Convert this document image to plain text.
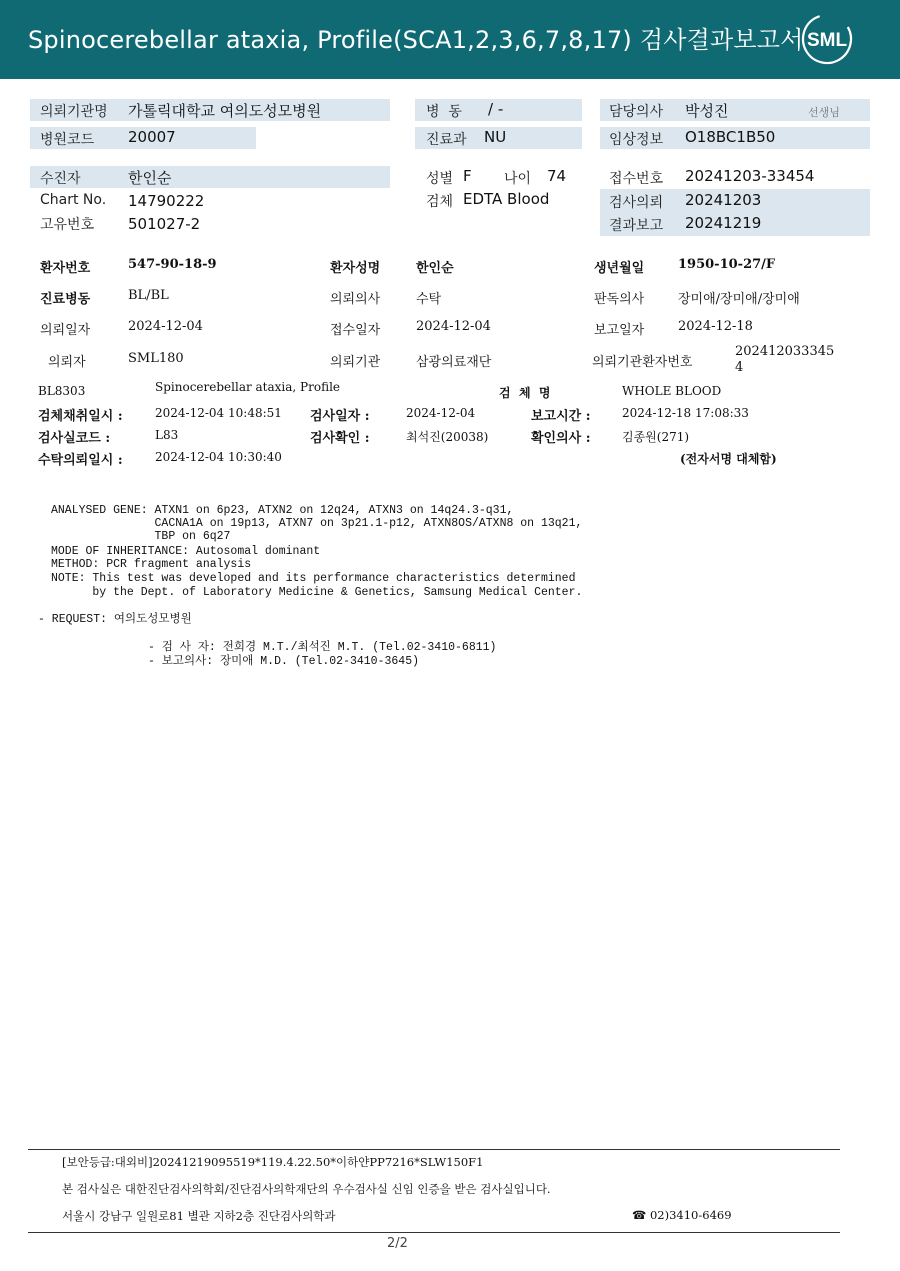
Spinocerebellar ataxia, Profile(SCA1,2,3,6,7,8,17) 검사결과보고서 SML
의뢰기관명 가톨릭대학교 여의도성모병원
병원코드 20007
병  동 / -
진료과 NU
담당의사 박성진	선생님
임상정보 O18BC1B50
수진자	한인순
Chart No. 14790222
고유번호 501027-2
성별 F 나이 74
검체 EDTA Blood
접수번호 20241203-33454
검사의뢰 20241203
결과보고 20241219
환자번호	547-90-18-9	환자성명	한인순	생년월일	1950-10-27/F
진료병동	BL/BL	의뢰의사	수탁	판독의사	장미애/장미애/장미애
의뢰일자	2024-12-04	접수일자	2024-12-04	보고일자	2024-12-18
의뢰자	SML180	의뢰기관	삼광의료재단	의뢰기관환자번호
202412033345
4
BL8303	Spinocerebellar ataxia, Profile	검  체  명	WHOLE BLOOD
검체채취일시 :	2024-12-04 10:48:51 검사일자 :	2024-12-04	보고시간 :	2024-12-18 17:08:33
검사실코드 :	L83	검사확인 :	최석진(20038)	확인의사 :	김종원(271)
수탁의뢰일시 :	2024-12-04 10:30:40	(전자서명 대체함)
ANALYSED GENE: ATXN1 on 6p23, ATXN2 on 12q24, ATXN3 on 14q24.3-q31,
CACNA1A on 19p13, ATXN7 on 3p21.1-p12, ATXN8OS/ATXN8 on 13q21,
TBP on 6q27
MODE OF INHERITANCE: Autosomal dominant
METHOD: PCR fragment analysis
NOTE: This test was developed and its performance characteristics determined
by the Dept. of Laboratory Medicine & Genetics, Samsung Medical Center.
- REQUEST: 여의도성모병원
- 검 사 자: 전희경 M.T./최석진 M.T. (Tel.02-3410-6811)
- 보고의사: 장미애 M.D. (Tel.02-3410-3645)
[보안등급:대외비]20241219095519*119.4.22.50*이하얀PP7216*SLW150F1
본 검사실은 대한진단검사의학회/진단검사의학재단의 우수검사실 신임 인증을 받은 검사실입니다.
서울시 강남구 일원로81 별관 지하2층 진단검사의학과	☎ 02)3410-6469
2/2
